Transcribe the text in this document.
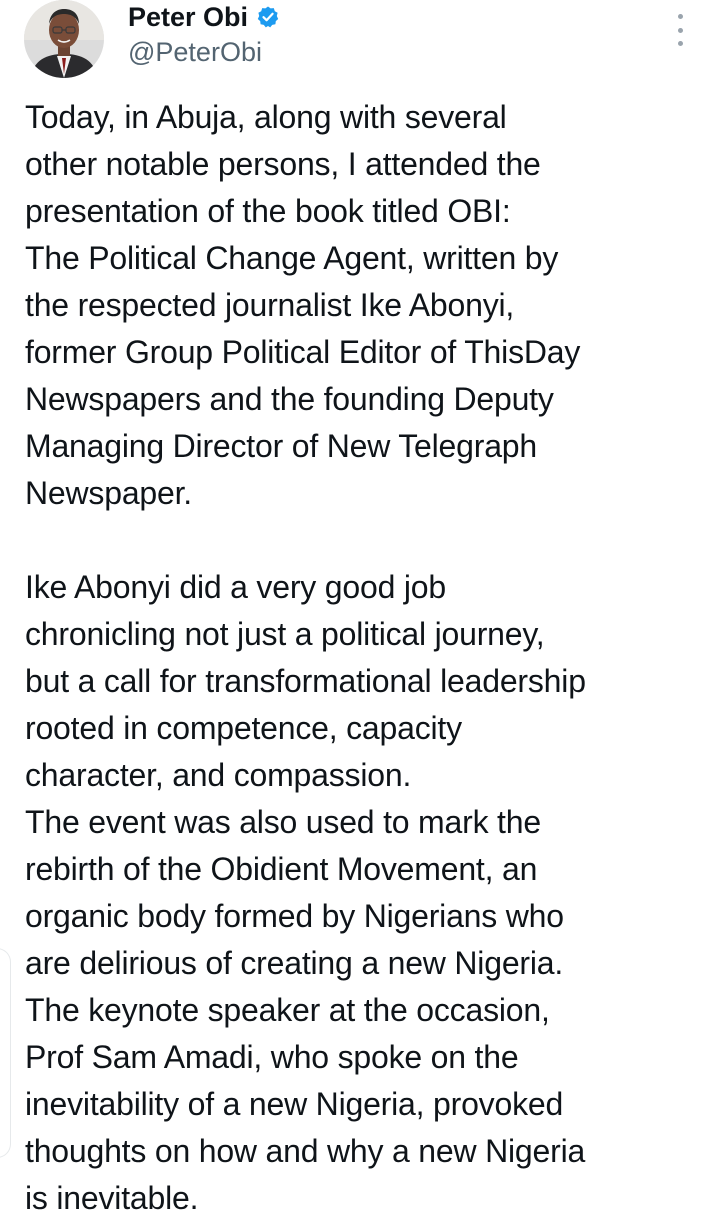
Peter Obi
@PeterObi
Today, in Abuja, along with several
other notable persons, I attended the
presentation of the book titled OBI:
The Political Change Agent, written by
the respected journalist Ike Abonyi,
former Group Political Editor of ThisDay
Newspapers and the founding Deputy
Managing Director of New Telegraph
Newspaper.

Ike Abonyi did a very good job
chronicling not just a political journey,
but a call for transformational leadership
rooted in competence, capacity
character, and compassion.
The event was also used to mark the
rebirth of the Obidient Movement, an
organic body formed by Nigerians who
are delirious of creating a new Nigeria.
The keynote speaker at the occasion,
Prof Sam Amadi, who spoke on the
inevitability of a new Nigeria, provoked
thoughts on how and why a new Nigeria
is inevitable.
